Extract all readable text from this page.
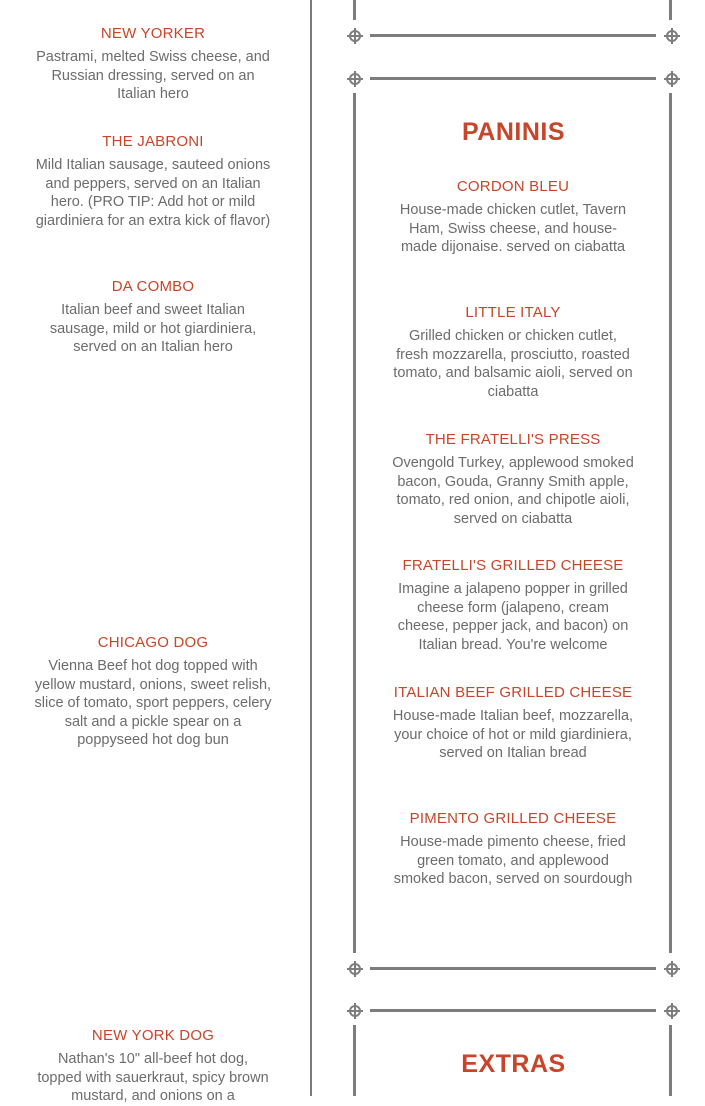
NEW YORKER
Pastrami, melted Swiss cheese, and Russian dressing, served on an Italian hero
THE JABRONI
Mild Italian sausage, sauteed onions and peppers, served on an Italian hero. (PRO TIP: Add hot or mild giardiniera for an extra kick of flavor)
DA COMBO
Italian beef and sweet Italian sausage, mild or hot giardiniera, served on an Italian hero
CHICAGO DOG
Vienna Beef hot dog topped with yellow mustard, onions, sweet relish, slice of tomato, sport peppers, celery salt and a pickle spear on a poppyseed hot dog bun
NEW YORK DOG
Nathan's 10" all-beef hot dog, topped with sauerkraut, spicy brown mustard, and onions on a
PANINIS
CORDON BLEU
House-made chicken cutlet, Tavern Ham, Swiss cheese, and house-made dijonaise. served on ciabatta
LITTLE ITALY
Grilled chicken or chicken cutlet, fresh mozzarella, prosciutto, roasted tomato, and balsamic aioli, served on ciabatta
THE FRATELLI'S PRESS
Ovengold Turkey, applewood smoked bacon, Gouda, Granny Smith apple, tomato, red onion, and chipotle aioli, served on ciabatta
FRATELLI'S GRILLED CHEESE
Imagine a jalapeno popper in grilled cheese form (jalapeno, cream cheese, pepper jack, and bacon) on Italian bread. You're welcome
ITALIAN BEEF GRILLED CHEESE
House-made Italian beef, mozzarella, your choice of hot or mild giardiniera, served on Italian bread
PIMENTO GRILLED CHEESE
House-made pimento cheese, fried green tomato, and applewood smoked bacon, served on sourdough
EXTRAS
